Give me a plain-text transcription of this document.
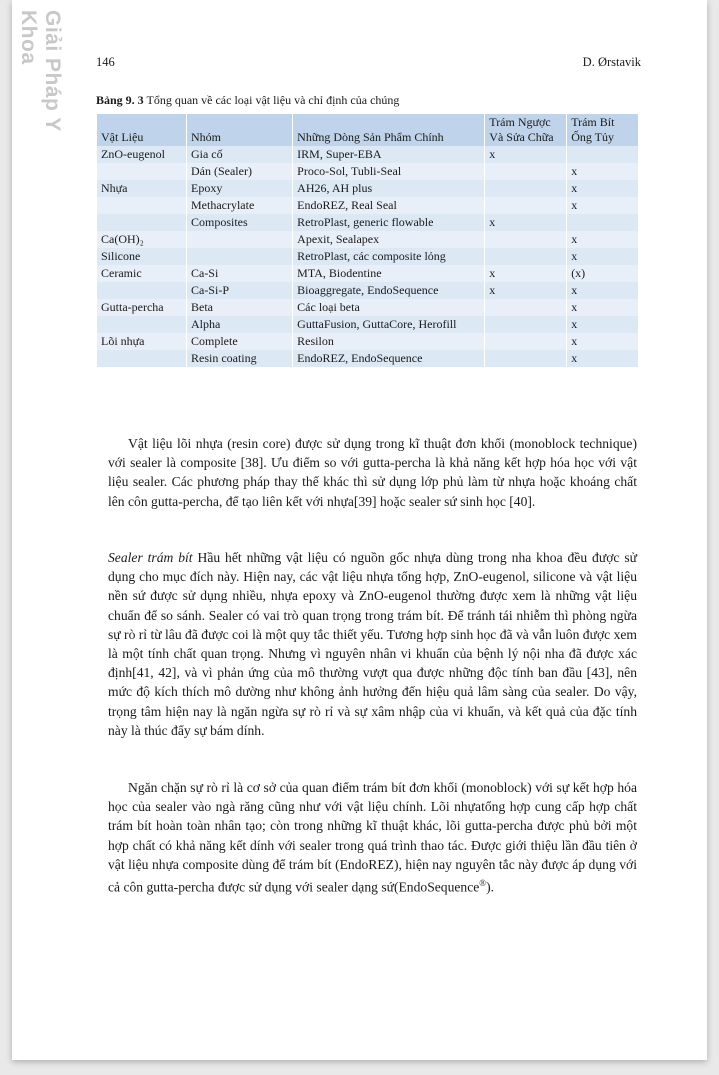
Giải Pháp Y Khoa	146	D. Ørstavik
Bảng 9. 3 Tổng quan về các loại vật liệu và chỉ định của chúng
Vật Liệu	Nhóm	Những Dòng Sản Phẩm Chính	Trám Ngược Và Sửa Chữa	Trám Bít Ống Tủy
ZnO-eugenol	Gia cố	IRM, Super-EBA	x	
	Dán (Sealer)	Proco-Sol, Tubli-Seal		x
Nhựa	Epoxy	AH26, AH plus		x
	Methacrylate	EndoREZ, Real Seal		x
	Composites	RetroPlast, generic flowable	x	
Ca(OH)₂		Apexit, Sealapex		x
Silicone		RetroPlast, các composite lỏng		x
Ceramic	Ca-Si	MTA, Biodentine	x	(x)
	Ca-Si-P	Bioaggregate, EndoSequence	x	x
Gutta-percha	Beta	Các loại beta		x
	Alpha	GuttaFusion, GuttaCore, Herofill		x
Lõi nhựa	Complete	Resilon		x
	Resin coating	EndoREZ, EndoSequence		x

Vật liệu lõi nhựa (resin core) được sử dụng trong kĩ thuật đơn khối (monoblock technique) với sealer là composite [38]. Ưu điểm so với gutta-percha là khả năng kết hợp hóa học với vật liệu sealer. Các phương pháp thay thế khác thì sử dụng lớp phủ làm từ nhựa hoặc khoáng chất lên côn gutta-percha, để tạo liên kết với nhựa[39] hoặc sealer sứ sinh học [40].

Sealer trám bít Hầu hết những vật liệu có nguồn gốc nhựa dùng trong nha khoa đều được sử dụng cho mục đích này. Hiện nay, các vật liệu nhựa tổng hợp, ZnO-eugenol, silicone và vật liệu nền sứ được sử dụng nhiều, nhựa epoxy và ZnO-eugenol thường được xem là những vật liệu chuẩn để so sánh. Sealer có vai trò quan trọng trong trám bít. Để tránh tái nhiễm thì phòng ngừa sự rò rỉ từ lâu đã được coi là một quy tắc thiết yếu. Tương hợp sinh học đã và vẫn luôn được xem là một tính chất quan trọng. Nhưng vì nguyên nhân vi khuẩn của bệnh lý nội nha đã được xác định[41, 42], và vì phản ứng của mô thường vượt qua được những độc tính ban đầu [43], nên mức độ kích thích mô dường như không ảnh hưởng đến hiệu quả lâm sàng của sealer. Do vậy, trọng tâm hiện nay là ngăn ngừa sự rò rỉ và sự xâm nhập của vi khuẩn, và kết quả của đặc tính này là thúc đẩy sự bám dính.

Ngăn chặn sự rò rỉ là cơ sở của quan điểm trám bít đơn khối (monoblock) với sự kết hợp hóa học của sealer vào ngà răng cũng như với vật liệu chính. Lõi nhựatổng hợp cung cấp hợp chất trám bít hoàn toàn nhân tạo; còn trong những kĩ thuật khác, lõi gutta-percha được phủ bởi một hợp chất có khả năng kết dính với sealer trong quá trình thao tác. Được giới thiệu lần đầu tiên ở vật liệu nhựa composite dùng để trám bít (EndoREZ), hiện nay nguyên tắc này được áp dụng với cả côn gutta-percha được sử dụng với sealer dạng sứ(EndoSequence®).
